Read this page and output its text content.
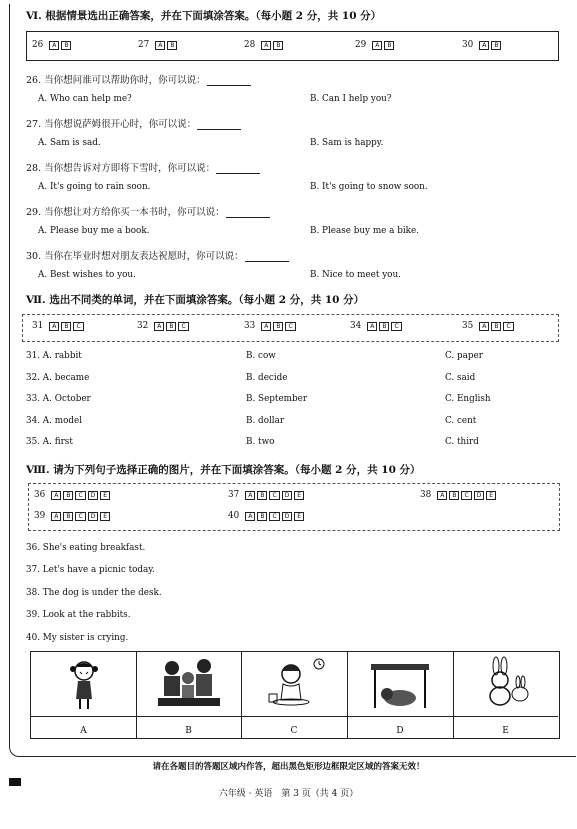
Ⅵ. 根据情景选出正确答案，并在下面填涂答案。（每小题 2 分，共 10 分）
26	A	B	27	A	B	28	A	B	29	A	B	30	A	B
26. 当你想问谁可以帮助你时，你可以说：
A. Who can help me?	B. Can I help you?
27. 当你想说萨姆很开心时，你可以说：
A. Sam is sad.	B. Sam is happy.
28. 当你想告诉对方即将下雪时，你可以说：
A. It's going to rain soon.	B. It's going to snow soon.
29. 当你想让对方给你买一本书时，你可以说：
A. Please buy me a book.	B. Please buy me a bike.
30. 当你在毕业时想对朋友表达祝愿时，你可以说：
A. Best wishes to you.	B. Nice to meet you.
Ⅶ. 选出不同类的单词，并在下面填涂答案。（每小题 2 分，共 10 分）
31	A	B	C	32	A	B	C	33	A	B	C	34	A	B	C	35	A	B	C
31. A. rabbit	B. cow	C. paper
32. A. became	B. decide	C. said
33. A. October	B. September	C. English
34. A. model	B. dollar	C. cent
35. A. first	B. two	C. third
Ⅷ. 请为下列句子选择正确的图片，并在下面填涂答案。（每小题 2 分，共 10 分）
36	A	B	C	D	E	37	A	B	C	D	E	38	A	B	C	D	E
39	A	B	C	D	E	40	A	B	C	D	E
36. She's eating breakfast.
37. Let's have a picnic today.
38. The dog is under the desk.
39. Look at the rabbits.
40. My sister is crying.
A	B	C	D	E
请在各题目的答题区域内作答，超出黑色矩形边框限定区域的答案无效！
六年级 · 英语　第 3 页（共 4 页）
